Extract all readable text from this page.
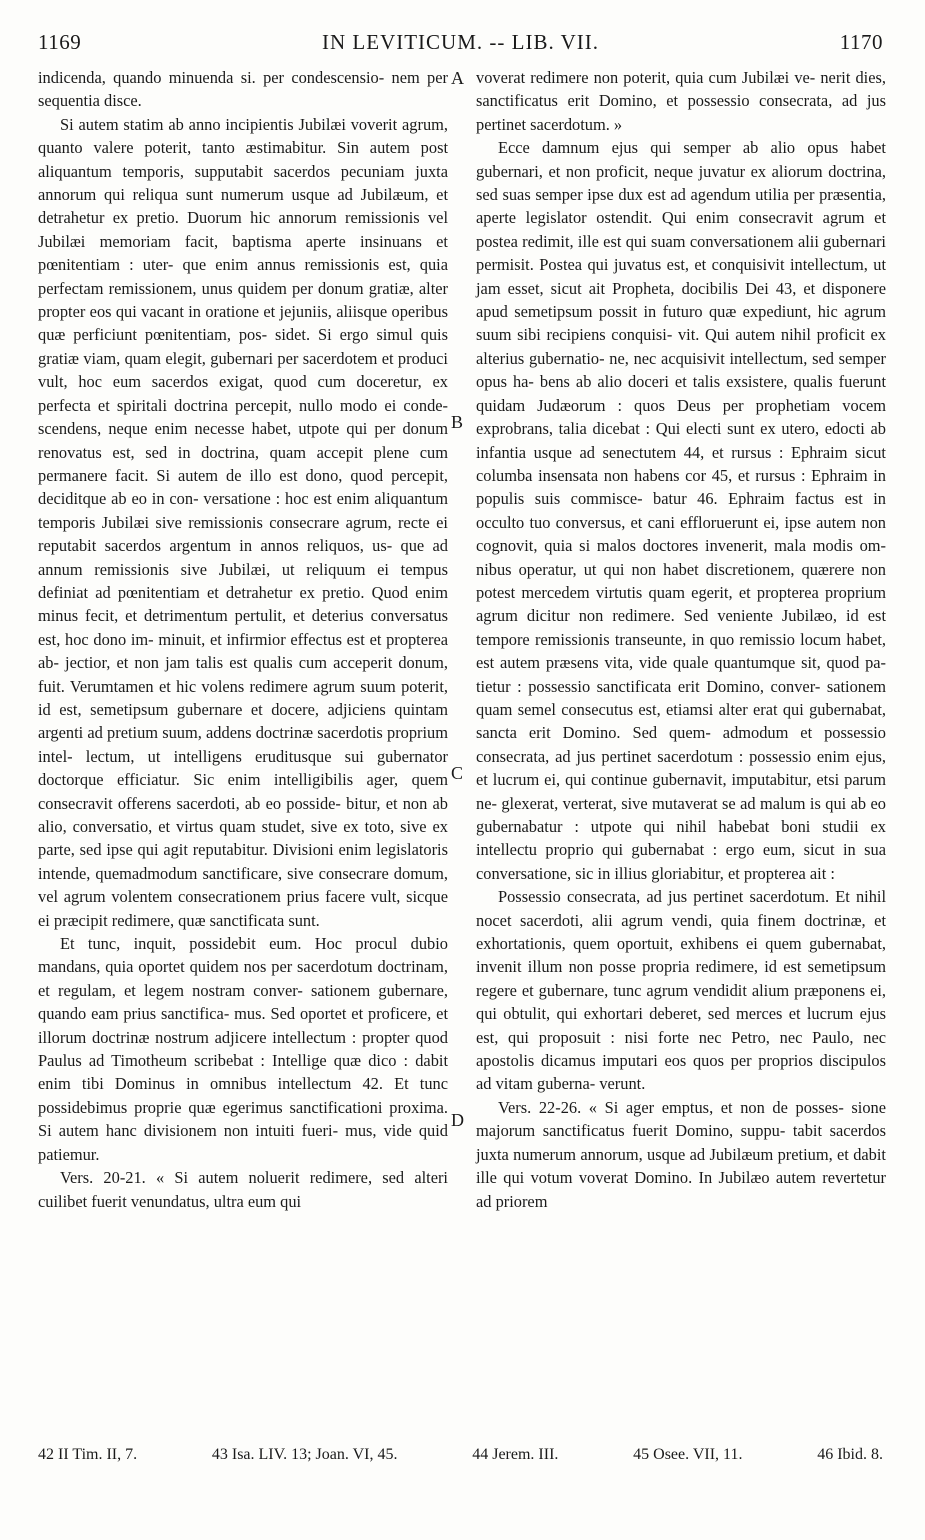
1169	IN LEVITICUM. -- LIB. VII.	1170

indicenda, quando minuenda si. per condescensio- nem per sequentia disce.

Si autem statim ab anno incipientis Jubilæi voverit agrum, quanto valere poterit, tanto æstimabitur. Sin autem post aliquantum temporis, supputabit sacerdos pecuniam juxta annorum qui reliqua sunt numerum usque ad Jubilæum, et detrahetur ex pretio. Duorum hic annorum remissionis vel Jubilæi memoriam facit, baptisma aperte insinuans et pœnitentiam : uter- que enim annus remissionis est, quia perfectam remissionem, unus quidem per donum gratiæ, alter propter eos qui vacant in oratione et jejuniis, aliisque operibus quæ perficiunt pœnitentiam, pos- sidet. Si ergo simul quis gratiæ viam, quam elegit, gubernari per sacerdotem et produci vult, hoc eum sacerdos exigat, quod cum doceretur, ex perfecta et spiritali doctrina percepit, nullo modo ei conde- scendens, neque enim necesse habet, utpote qui per donum renovatus est, sed in doctrina, quam accepit plene cum permanere facit. Si autem de illo est dono, quod percepit, deciditque ab eo in con- versatione : hoc est enim aliquantum temporis Jubilæi sive remissionis consecrare agrum, recte ei reputabit sacerdos argentum in annos reliquos, us- que ad annum remissionis sive Jubilæi, ut reliquum ei tempus definiat ad pœnitentiam et detrahetur ex pretio. Quod enim minus fecit, et detrimentum pertulit, et deterius conversatus est, hoc dono im- minuit, et infirmior effectus est et propterea ab- jectior, et non jam talis est qualis cum acceperit donum, fuit. Verumtamen et hic volens redimere agrum suum poterit, id est, semetipsum gubernare et docere, adjiciens quintam argenti ad pretium suum, addens doctrinæ sacerdotis proprium intel- lectum, ut intelligens eruditusque sui gubernator doctorque efficiatur. Sic enim intelligibilis ager, quem consecravit offerens sacerdoti, ab eo posside- bitur, et non ab alio, conversatio, et virtus quam studet, sive ex toto, sive ex parte, sed ipse qui agit reputabitur. Divisioni enim legislatoris intende, quemadmodum sanctificare, sive consecrare domum, vel agrum volentem consecrationem prius facere vult, sicque ei præcipit redimere, quæ sanctificata sunt.

Et tunc, inquit, possidebit eum. Hoc procul dubio mandans, quia oportet quidem nos per sacerdotum doctrinam, et regulam, et legem nostram conver- sationem gubernare, quando eam prius sanctifica- mus. Sed oportet et proficere, et illorum doctrinæ nostrum adjicere intellectum : propter quod Paulus ad Timotheum scribebat : Intellige quæ dico : dabit enim tibi Dominus in omnibus intellectum 42. Et tunc possidebimus proprie quæ egerimus sanctificationi proxima. Si autem hanc divisionem non intuiti fueri- mus, vide quid patiemur.

Vers. 20-21. « Si autem noluerit redimere, sed alteri cuilibet fuerit venundatus, ultra eum qui

A
B
C
D

voverat redimere non poterit, quia cum Jubilæi ve- nerit dies, sanctificatus erit Domino, et possessio consecrata, ad jus pertinet sacerdotum. »

Ecce damnum ejus qui semper ab alio opus habet gubernari, et non proficit, neque juvatur ex aliorum doctrina, sed suas semper ipse dux est ad agendum utilia per præsentia, aperte legislator ostendit. Qui enim consecravit agrum et postea redimit, ille est qui suam conversationem alii gubernari permisit. Postea qui juvatus est, et conquisivit intellectum, ut jam esset, sicut ait Propheta, docibilis Dei 43, et disponere apud semetipsum possit in futuro quæ expediunt, hic agrum suum sibi recipiens conquisi- vit. Qui autem nihil proficit ex alterius gubernatio- ne, nec acquisivit intellectum, sed semper opus ha- bens ab alio doceri et talis exsistere, qualis fuerunt quidam Judæorum : quos Deus per prophetiam vocem exprobrans, talia dicebat : Qui electi sunt ex utero, edocti ab infantia usque ad senectutem 44, et rursus : Ephraim sicut columba insensata non habens cor 45, et rursus : Ephraim in populis suis commisce- batur 46. Ephraim factus est in occulto tuo conversus, et cani effloruerunt ei, ipse autem non cognovit, quia si malos doctores invenerit, mala modis om- nibus operatur, ut qui non habet discretionem, quærere non potest mercedem virtutis quam egerit, et propterea proprium agrum dicitur non redimere. Sed veniente Jubilæo, id est tempore remissionis transeunte, in quo remissio locum habet, est autem præsens vita, vide quale quantumque sit, quod pa- tietur : possessio sanctificata erit Domino, conver- sationem quam semel consecutus est, etiamsi alter erat qui gubernabat, sancta erit Domino. Sed quem- admodum et possessio consecrata, ad jus pertinet sacerdotum : possessio enim ejus, et lucrum ei, qui continue gubernavit, imputabitur, etsi parum ne- glexerat, verterat, sive mutaverat se ad malum is qui ab eo gubernabatur : utpote qui nihil habebat boni studii ex intellectu proprio qui gubernabat : ergo eum, sicut in sua conversatione, sic in illius gloriabitur, et propterea ait :

Possessio consecrata, ad jus pertinet sacerdotum. Et nihil nocet sacerdoti, alii agrum vendi, quia finem doctrinæ, et exhortationis, quem oportuit, exhibens ei quem gubernabat, invenit illum non posse propria redimere, id est semetipsum regere et gubernare, tunc agrum vendidit alium præponens ei, qui obtulit, qui exhortari deberet, sed merces et lucrum ejus est, qui proposuit : nisi forte nec Petro, nec Paulo, nec apostolis dicamus imputari eos quos per proprios discipulos ad vitam guberna- verunt.

Vers. 22-26. « Si ager emptus, et non de posses- sione majorum sanctificatus fuerit Domino, suppu- tabit sacerdos juxta numerum annorum, usque ad Jubilæum pretium, et dabit ille qui votum voverat Domino. In Jubilæo autem revertetur ad priorem

42 II Tim. II, 7.	43 Isa. LIV. 13; Joan. VI, 45.	44 Jerem. III.	45 Osee. VII, 11.	46 Ibid. 8.
